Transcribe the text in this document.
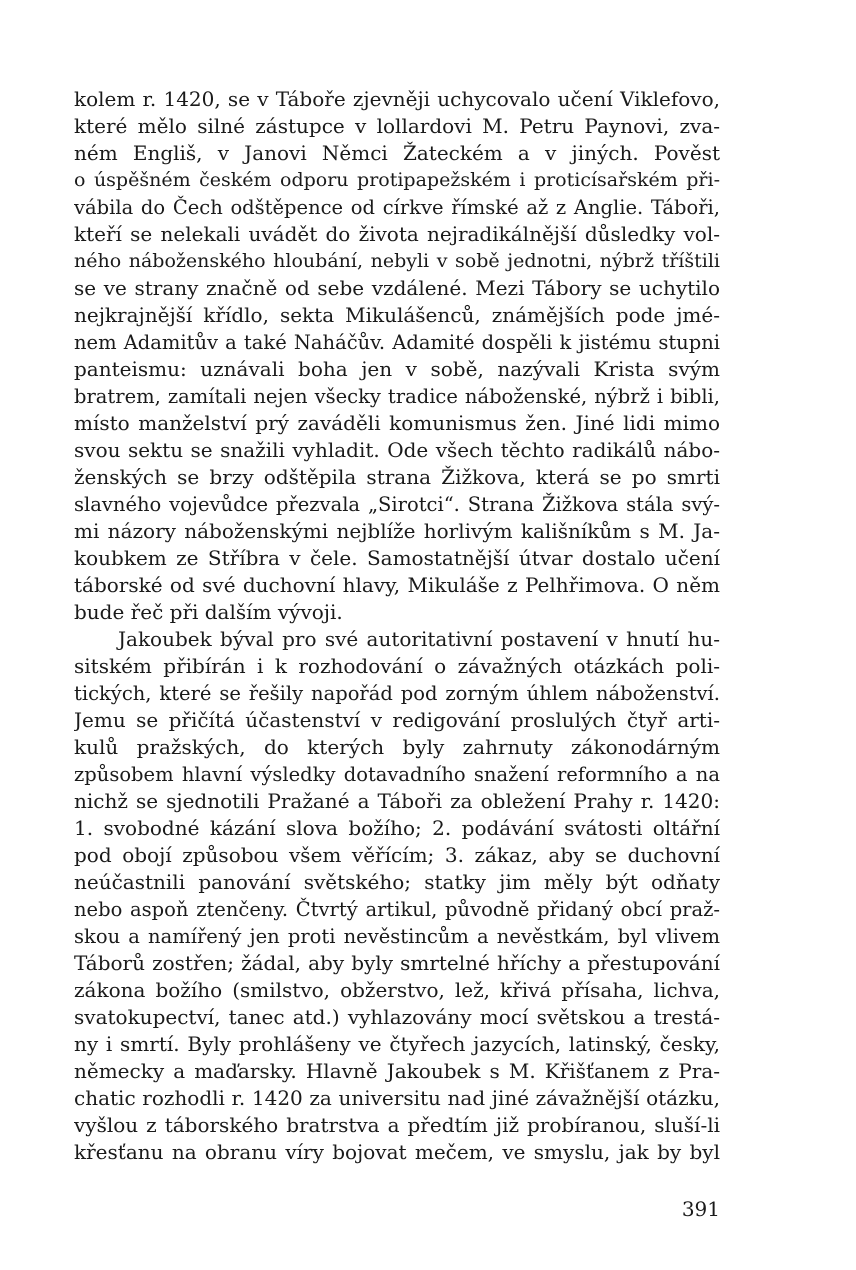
kolem r. 1420, se v Táboře zjevněji uchycovalo učení Viklefovo,
které mělo silné zástupce v lollardovi M. Petru Paynovi, zva-
ném Engliš, v Janovi Němci Žateckém a v jiných. Pověst
o úspěšném českém odporu protipapežském i proticísařském při-
vábila do Čech odštěpence od církve římské až z Anglie. Táboři,
kteří se nelekali uvádět do života nejradikálnější důsledky vol-
ného náboženského hloubání, nebyli v sobě jednotni, nýbrž tříštili
se ve strany značně od sebe vzdálené. Mezi Tábory se uchytilo
nejkrajnější křídlo, sekta Mikulášenců, známějších pode jmé-
nem Adamitův a také Naháčův. Adamité dospěli k jistému stupni
panteismu: uznávali boha jen v sobě, nazývali Krista svým
bratrem, zamítali nejen všecky tradice náboženské, nýbrž i bibli,
místo manželství prý zaváděli komunismus žen. Jiné lidi mimo
svou sektu se snažili vyhladit. Ode všech těchto radikálů nábo-
ženských se brzy odštěpila strana Žižkova, která se po smrti
slavného vojevůdce přezvala „Sirotci“. Strana Žižkova stála svý-
mi názory náboženskými nejblíže horlivým kališníkům s M. Ja-
koubkem ze Stříbra v čele. Samostatnější útvar dostalo učení
táborské od své duchovní hlavy, Mikuláše z Pelhřimova. O něm
bude řeč při dalším vývoji.
Jakoubek býval pro své autoritativní postavení v hnutí hu-
sitském přibírán i k rozhodování o závažných otázkách poli-
tických, které se řešily napořád pod zorným úhlem náboženství.
Jemu se přičítá účastenství v redigování proslulých čtyř arti-
kulů pražských, do kterých byly zahrnuty zákonodárným
způsobem hlavní výsledky dotavadního snažení reformního a na
nichž se sjednotili Pražané a Táboři za obležení Prahy r. 1420:
1. svobodné kázání slova božího; 2. podávání svátosti oltářní
pod obojí způsobou všem věřícím; 3. zákaz, aby se duchovní
neúčastnili panování světského; statky jim měly být odňaty
nebo aspoň ztenčeny. Čtvrtý artikul, původně přidaný obcí praž-
skou a namířený jen proti nevěstincům a nevěstkám, byl vlivem
Táborů zostřen; žádal, aby byly smrtelné hříchy a přestupování
zákona božího (smilstvo, obžerstvo, lež, křivá přísaha, lichva,
svatokupectví, tanec atd.) vyhlazovány mocí světskou a trestá-
ny i smrtí. Byly prohlášeny ve čtyřech jazycích, latinský, česky,
německy a maďarsky. Hlavně Jakoubek s M. Křišťanem z Pra-
chatic rozhodli r. 1420 za universitu nad jiné závažnější otázku,
vyšlou z táborského bratrstva a předtím již probíranou, sluší-li
křesťanu na obranu víry bojovat mečem, ve smyslu, jak by byl
391
